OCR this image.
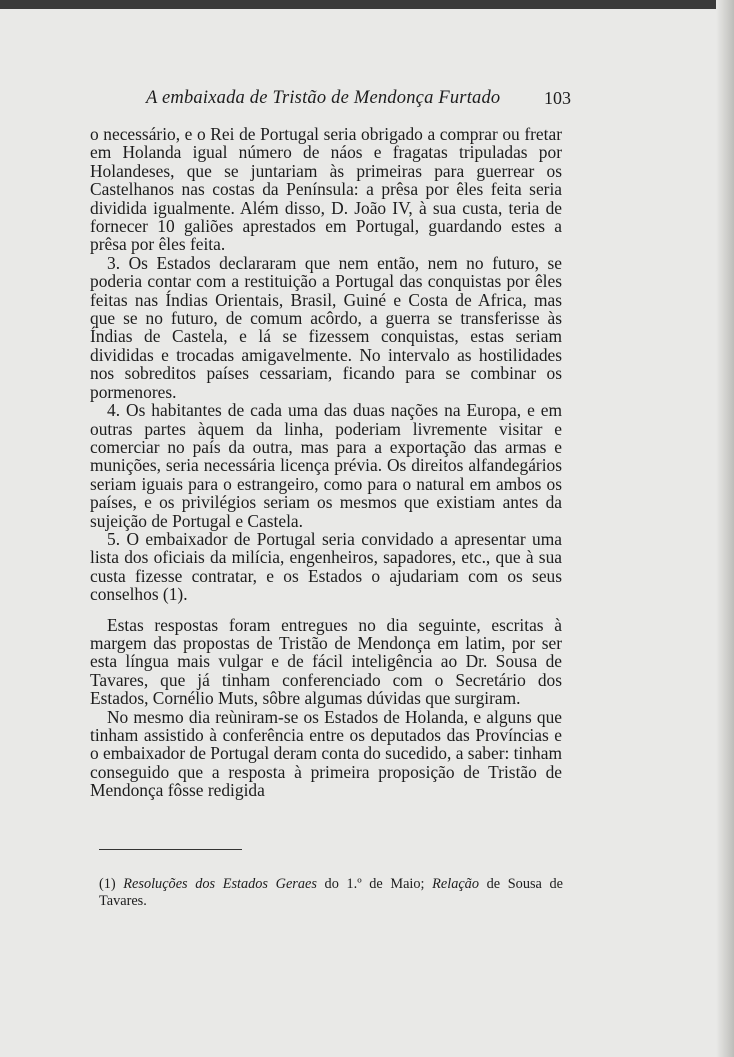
A embaixada de Tristão de Mendonça Furtado 103

o necessário, e o Rei de Portugal seria obrigado a comprar ou fretar em Holanda igual número de náos e fragatas tripuladas por Holandeses, que se juntariam às primeiras para guerrear os Castelhanos nas costas da Península: a prêsa por êles feita seria dividida igualmente. Além disso, D. João IV, à sua custa, teria de fornecer 10 galiões aprestados em Portugal, guardando estes a prêsa por êles feita.

3. Os Estados declararam que nem então, nem no futuro, se poderia contar com a restituição a Portugal das conquistas por êles feitas nas Índias Orientais, Brasil, Guiné e Costa de Africa, mas que se no futuro, de comum acôrdo, a guerra se transferisse às Índias de Castela, e lá se fizessem conquistas, estas seriam divididas e trocadas amigavelmente. No intervalo as hostilidades nos sobreditos países cessariam, ficando para se combinar os pormenores.

4. Os habitantes de cada uma das duas nações na Europa, e em outras partes àquem da linha, poderiam livremente visitar e comerciar no país da outra, mas para a exportação das armas e munições, seria necessária licença prévia. Os direitos alfandegários seriam iguais para o estrangeiro, como para o natural em ambos os países, e os privilégios seriam os mesmos que existiam antes da sujeição de Portugal e Castela.

5. O embaixador de Portugal seria convidado a apresentar uma lista dos oficiais da milícia, engenheiros, sapadores, etc., que à sua custa fizesse contratar, e os Estados o ajudariam com os seus conselhos (1).

Estas respostas foram entregues no dia seguinte, escritas à margem das propostas de Tristão de Mendonça em latim, por ser esta língua mais vulgar e de fácil inteligência ao Dr. Sousa de Tavares, que já tinham conferenciado com o Secretário dos Estados, Cornélio Muts, sôbre algumas dúvidas que surgiram.

No mesmo dia reùniram-se os Estados de Holanda, e alguns que tinham assistido à conferência entre os deputados das Províncias e o embaixador de Portugal deram conta do sucedido, a saber: tinham conseguido que a resposta à primeira proposição de Tristão de Mendonça fôsse redigida

(1) Resoluções dos Estados Geraes do 1.º de Maio; Relação de Sousa de Tavares.
